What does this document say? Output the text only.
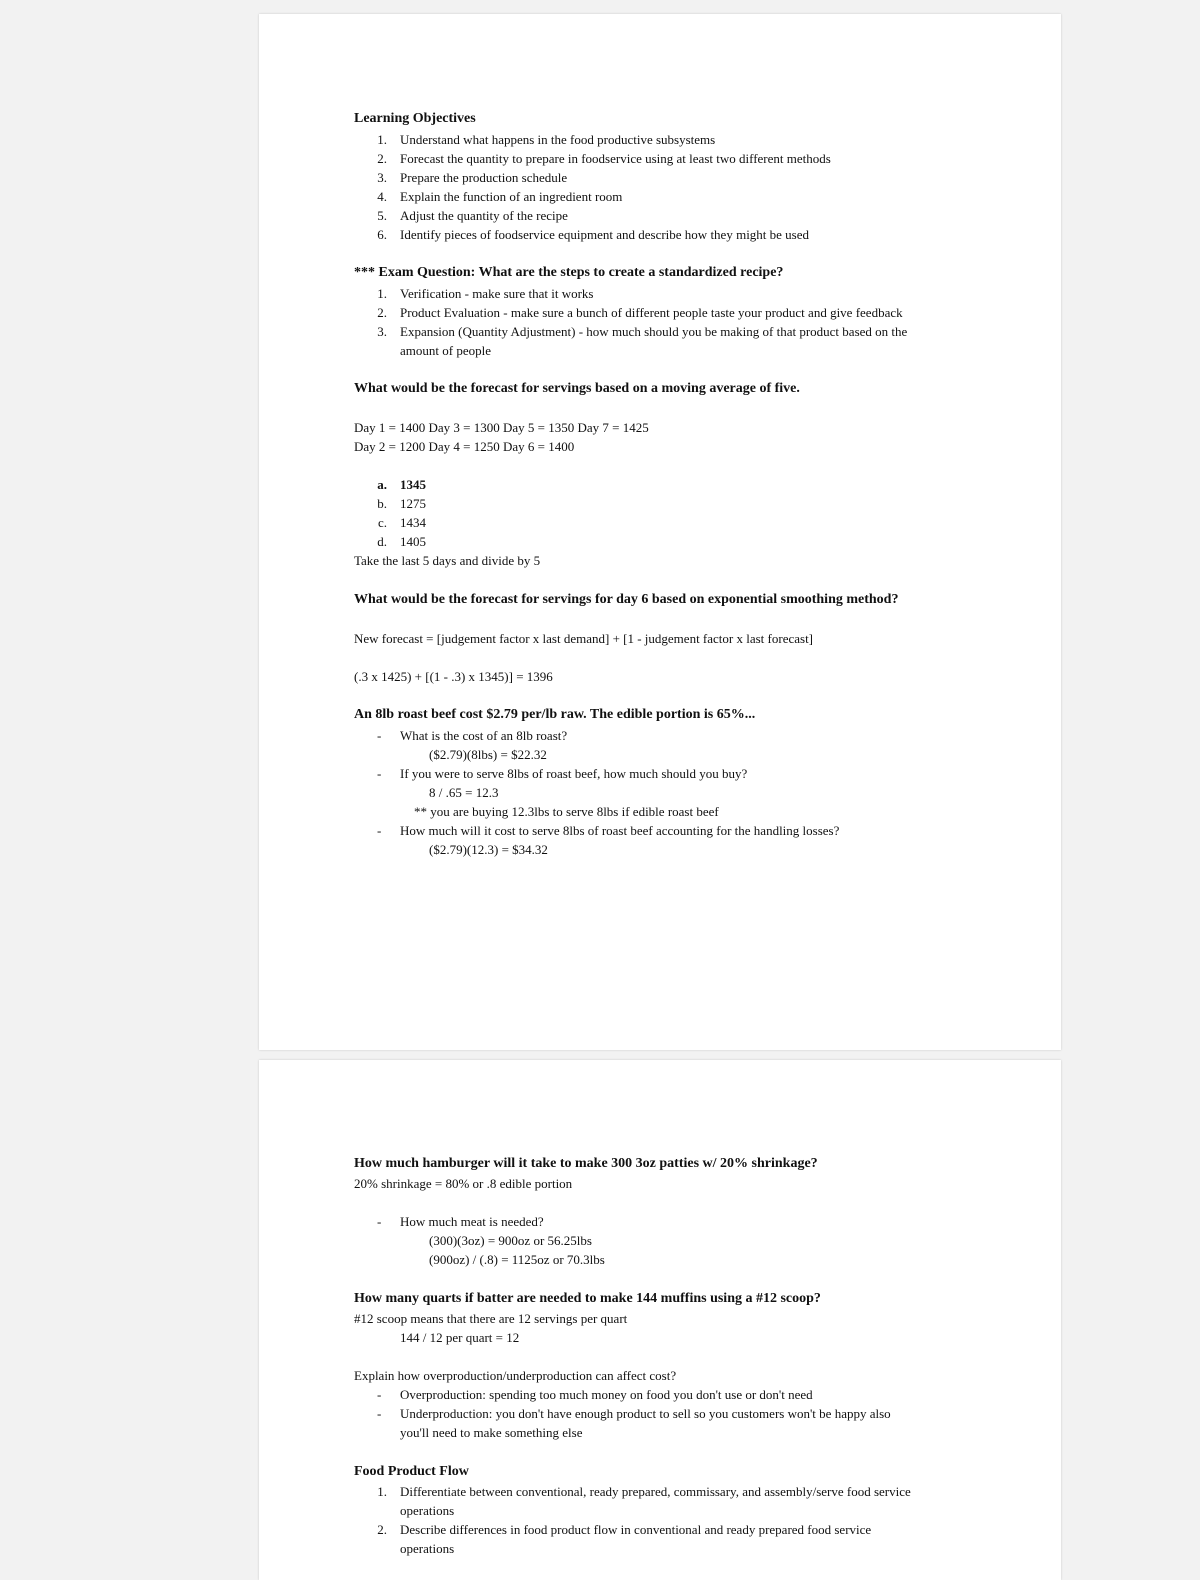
Learning Objectives
1. Understand what happens in the food productive subsystems
2. Forecast the quantity to prepare in foodservice using at least two different methods
3. Prepare the production schedule
4. Explain the function of an ingredient room
5. Adjust the quantity of the recipe
6. Identify pieces of foodservice equipment and describe how they might be used
*** Exam Question: What are the steps to create a standardized recipe?
1. Verification - make sure that it works
2. Product Evaluation - make sure a bunch of different people taste your product and give feedback
3. Expansion (Quantity Adjustment) - how much should you be making of that product based on the
amount of people
What would be the forecast for servings based on a moving average of five.
Day 1 = 1400 Day 3 = 1300 Day 5 = 1350 Day 7 = 1425
Day 2 = 1200 Day 4 = 1250 Day 6 = 1400
a. 1345
b. 1275
c. 1434
d. 1405
Take the last 5 days and divide by 5
What would be the forecast for servings for day 6 based on exponential smoothing method?
New forecast = [judgement factor x last demand] + [1 - judgement factor x last forecast]
(.3 x 1425) + [(1 - .3) x 1345)] = 1396
An 8lb roast beef cost $2.79 per/lb raw. The edible portion is 65%...
- What is the cost of an 8lb roast?
($2.79)(8lbs) = $22.32
- If you were to serve 8lbs of roast beef, how much should you buy?
8 / .65 = 12.3
** you are buying 12.3lbs to serve 8lbs if edible roast beef
- How much will it cost to serve 8lbs of roast beef accounting for the handling losses?
($2.79)(12.3) = $34.32
How much hamburger will it take to make 300 3oz patties w/ 20% shrinkage?
20% shrinkage = 80% or .8 edible portion
- How much meat is needed?
(300)(3oz) = 900oz or 56.25lbs
(900oz) / (.8) = 1125oz or 70.3lbs
How many quarts if batter are needed to make 144 muffins using a #12 scoop?
#12 scoop means that there are 12 servings per quart
144 / 12 per quart = 12
Explain how overproduction/underproduction can affect cost?
- Overproduction: spending too much money on food you don't use or don't need
- Underproduction: you don't have enough product to sell so you customers won't be happy also
you'll need to make something else
Food Product Flow
1. Differentiate between conventional, ready prepared, commissary, and assembly/serve food service
operations
2. Describe differences in food product flow in conventional and ready prepared food service
operations
